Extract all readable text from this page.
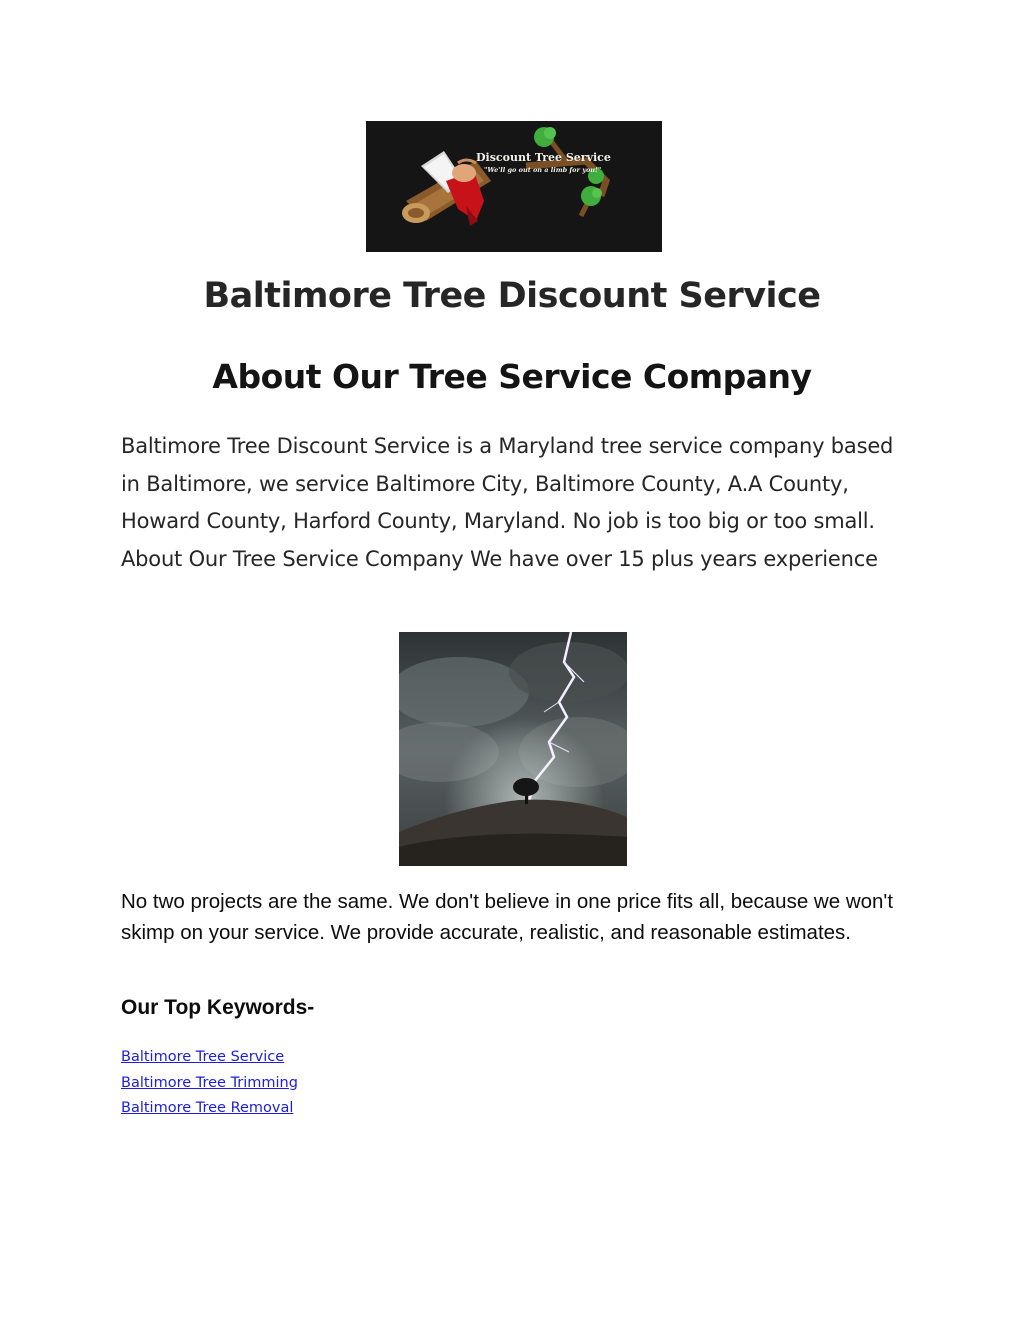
Discount Tree Service
"We'll go out on a limb for you!"
Baltimore Tree Discount Service
About Our Tree Service Company

Baltimore Tree Discount Service is a Maryland tree service company based in Baltimore, we service Baltimore City, Baltimore County, A.A County, Howard County, Harford County, Maryland. No job is too big or too small. About Our Tree Service Company We have over 15 plus years experience

No two projects are the same. We don't believe in one price fits all, because we won't skimp on your service. We provide accurate, realistic, and reasonable estimates.

Our Top Keywords-
Baltimore Tree Service
Baltimore Tree Trimming
Baltimore Tree Removal
